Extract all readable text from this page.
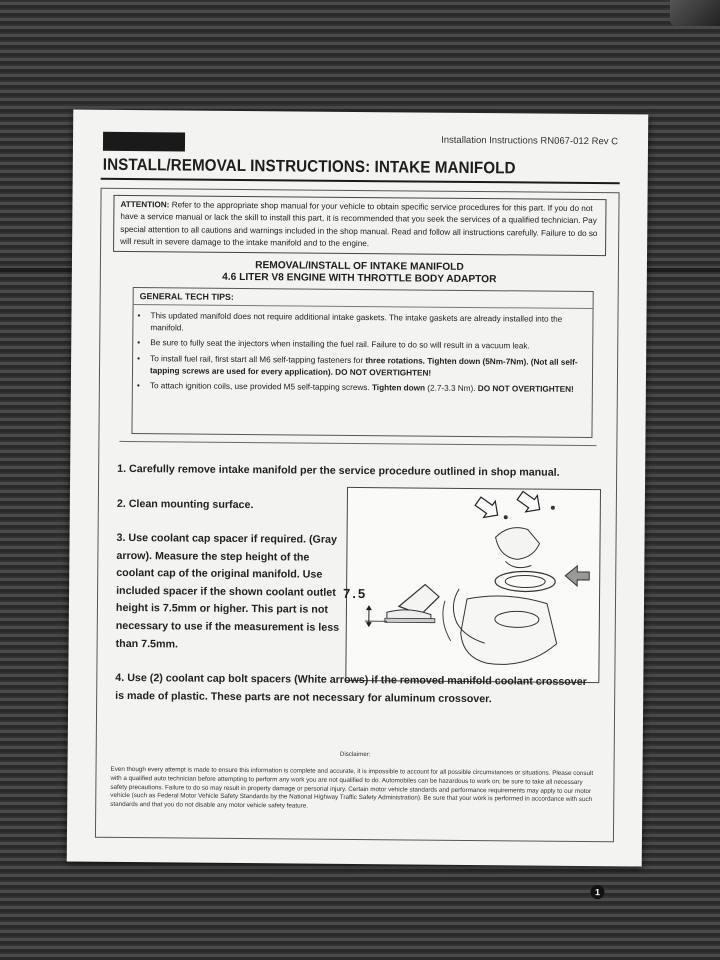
Installation Instructions RN067-012 Rev C
INSTALL/REMOVAL INSTRUCTIONS: INTAKE MANIFOLD
ATTENTION: Refer to the appropriate shop manual for your vehicle to obtain specific service procedures for this part. If you do not have a service manual or lack the skill to install this part, it is recommended that you seek the services of a qualified technician. Pay special attention to all cautions and warnings included in the shop manual. Read and follow all instructions carefully. Failure to do so will result in severe damage to the intake manifold and to the engine.
REMOVAL/INSTALL OF INTAKE MANIFOLD
4.6 LITER V8 ENGINE WITH THROTTLE BODY ADAPTOR
GENERAL TECH TIPS:
• This updated manifold does not require additional intake gaskets. The intake gaskets are already installed into the manifold.
• Be sure to fully seat the injectors when installing the fuel rail. Failure to do so will result in a vacuum leak.
• To install fuel rail, first start all M6 self-tapping fasteners for three rotations. Tighten down (5Nm-7Nm). (Not all self-tapping screws are used for every application). DO NOT OVERTIGHTEN!
• To attach ignition coils, use provided M5 self-tapping screws. Tighten down (2.7-3.3 Nm). DO NOT OVERTIGHTEN!
1. Carefully remove intake manifold per the service procedure outlined in shop manual.
2. Clean mounting surface.
3. Use coolant cap spacer if required. (Gray arrow). Measure the step height of the coolant cap of the original manifold. Use included spacer if the shown coolant outlet height is 7.5mm or higher. This part is not necessary to use if the measurement is less than 7.5mm.
7.5
4. Use (2) coolant cap bolt spacers (White arrows) if the removed manifold coolant crossover is made of plastic. These parts are not necessary for aluminum crossover.
Disclaimer:
Even though every attempt is made to ensure this information is complete and accurate, it is impossible to account for all possible circumstances or situations. Please consult with a qualified auto technician before attempting to perform any work you are not qualified to do. Automobiles can be hazardous to work on; be sure to take all necessary safety precautions. Failure to do so may result in property damage or personal injury. Certain motor vehicle standards and performance requirements may apply to our motor vehicle (such as Federal Motor Vehicle Safety Standards by the National Highway Traffic Safety Administration). Be sure that your work is performed in accordance with such standards and that you do not disable any motor vehicle safety feature.
1
